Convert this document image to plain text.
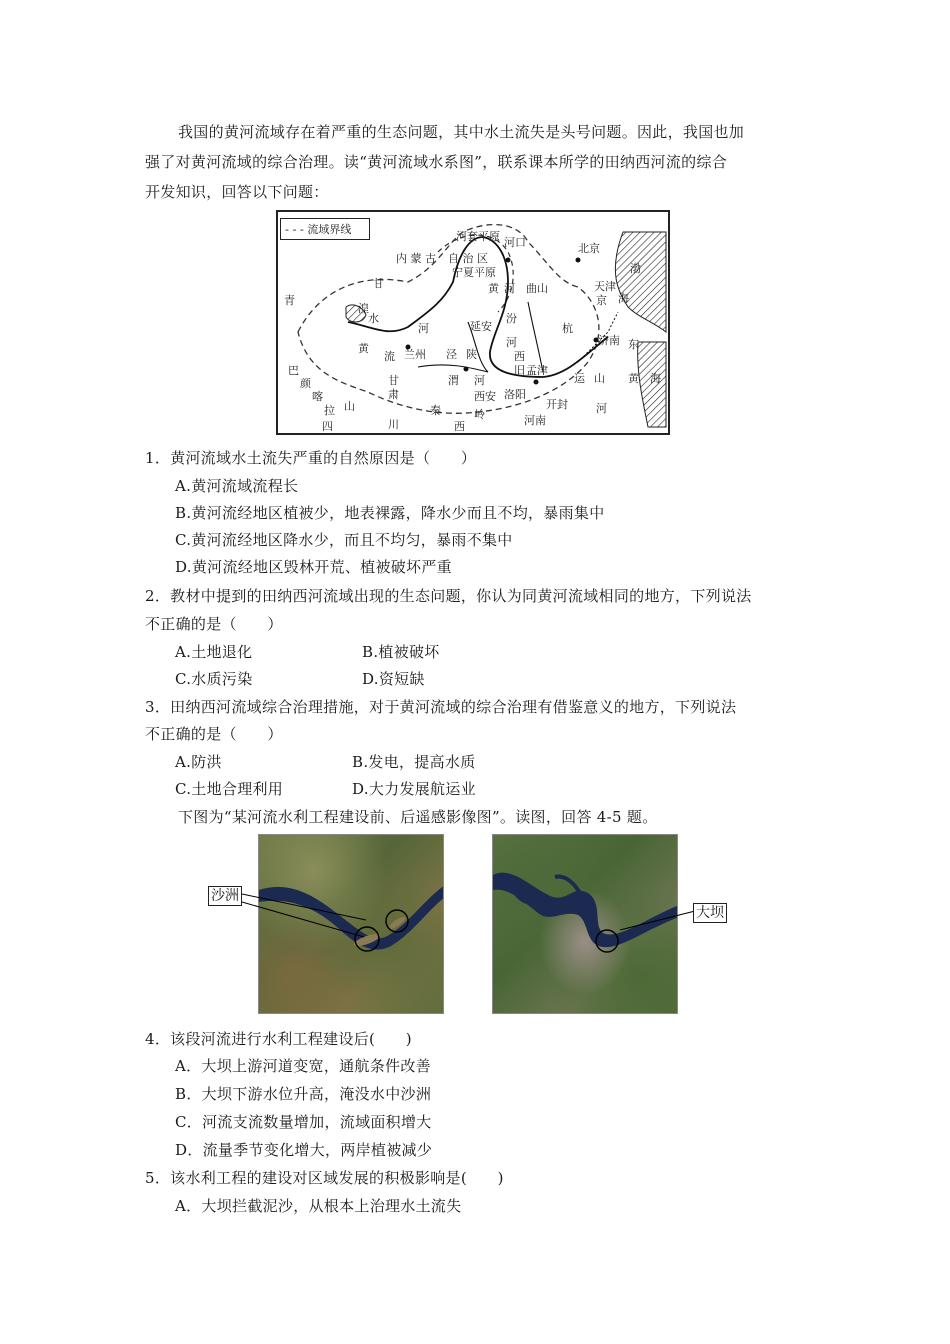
我国的黄河流域存在着严重的生态问题，其中水土流失是头号问题。因此，我国也加
强了对黄河流域的综合治理。读“黄河流域水系图”，联系课本所学的田纳西河流的综合
开发知识，回答以下问题：
青
甘
内 蒙 古 自 治 区
宁夏平原
河套平原 河口	北京
天津
京
渤
海
黄 河 曲山
湟
水
河	延安
汾
河
杭
济南 东
黄
流 兰州 泾 陕	西
旧 孟津
运 山 黄 海
巴
颜
喀
拉 山
甘
肃
渭 河
西安 洛阳
开封	河
四	川
秦	岭
西	河南
- - - 流域界线
1．黄河流域水土流失严重的自然原因是（　　）
A.黄河流域流程长
B.黄河流经地区植被少，地表裸露，降水少而且不均，暴雨集中
C.黄河流经地区降水少，而且不均匀，暴雨不集中
D.黄河流经地区毁林开荒、植被破坏严重
2．教材中提到的田纳西河流域出现的生态问题，你认为同黄河流域相同的地方，下列说法
不正确的是（　　）
A.土地退化	B.植被破坏
C.水质污染	D.资短缺
3．田纳西河流域综合治理措施，对于黄河流域的综合治理有借鉴意义的地方，下列说法
不正确的是（　　）
A.防洪	B.发电，提高水质
C.土地合理利用	D.大力发展航运业
下图为“某河流水利工程建设前、后遥感影像图”。读图，回答 4-5 题。
沙洲
大坝
4．该段河流进行水利工程建设后(　　)
A．大坝上游河道变宽，通航条件改善
B．大坝下游水位升高，淹没水中沙洲
C．河流支流数量增加，流域面积增大
D．流量季节变化增大，两岸植被减少
5．该水利工程的建设对区域发展的积极影响是(　　)
A．大坝拦截泥沙，从根本上治理水土流失
